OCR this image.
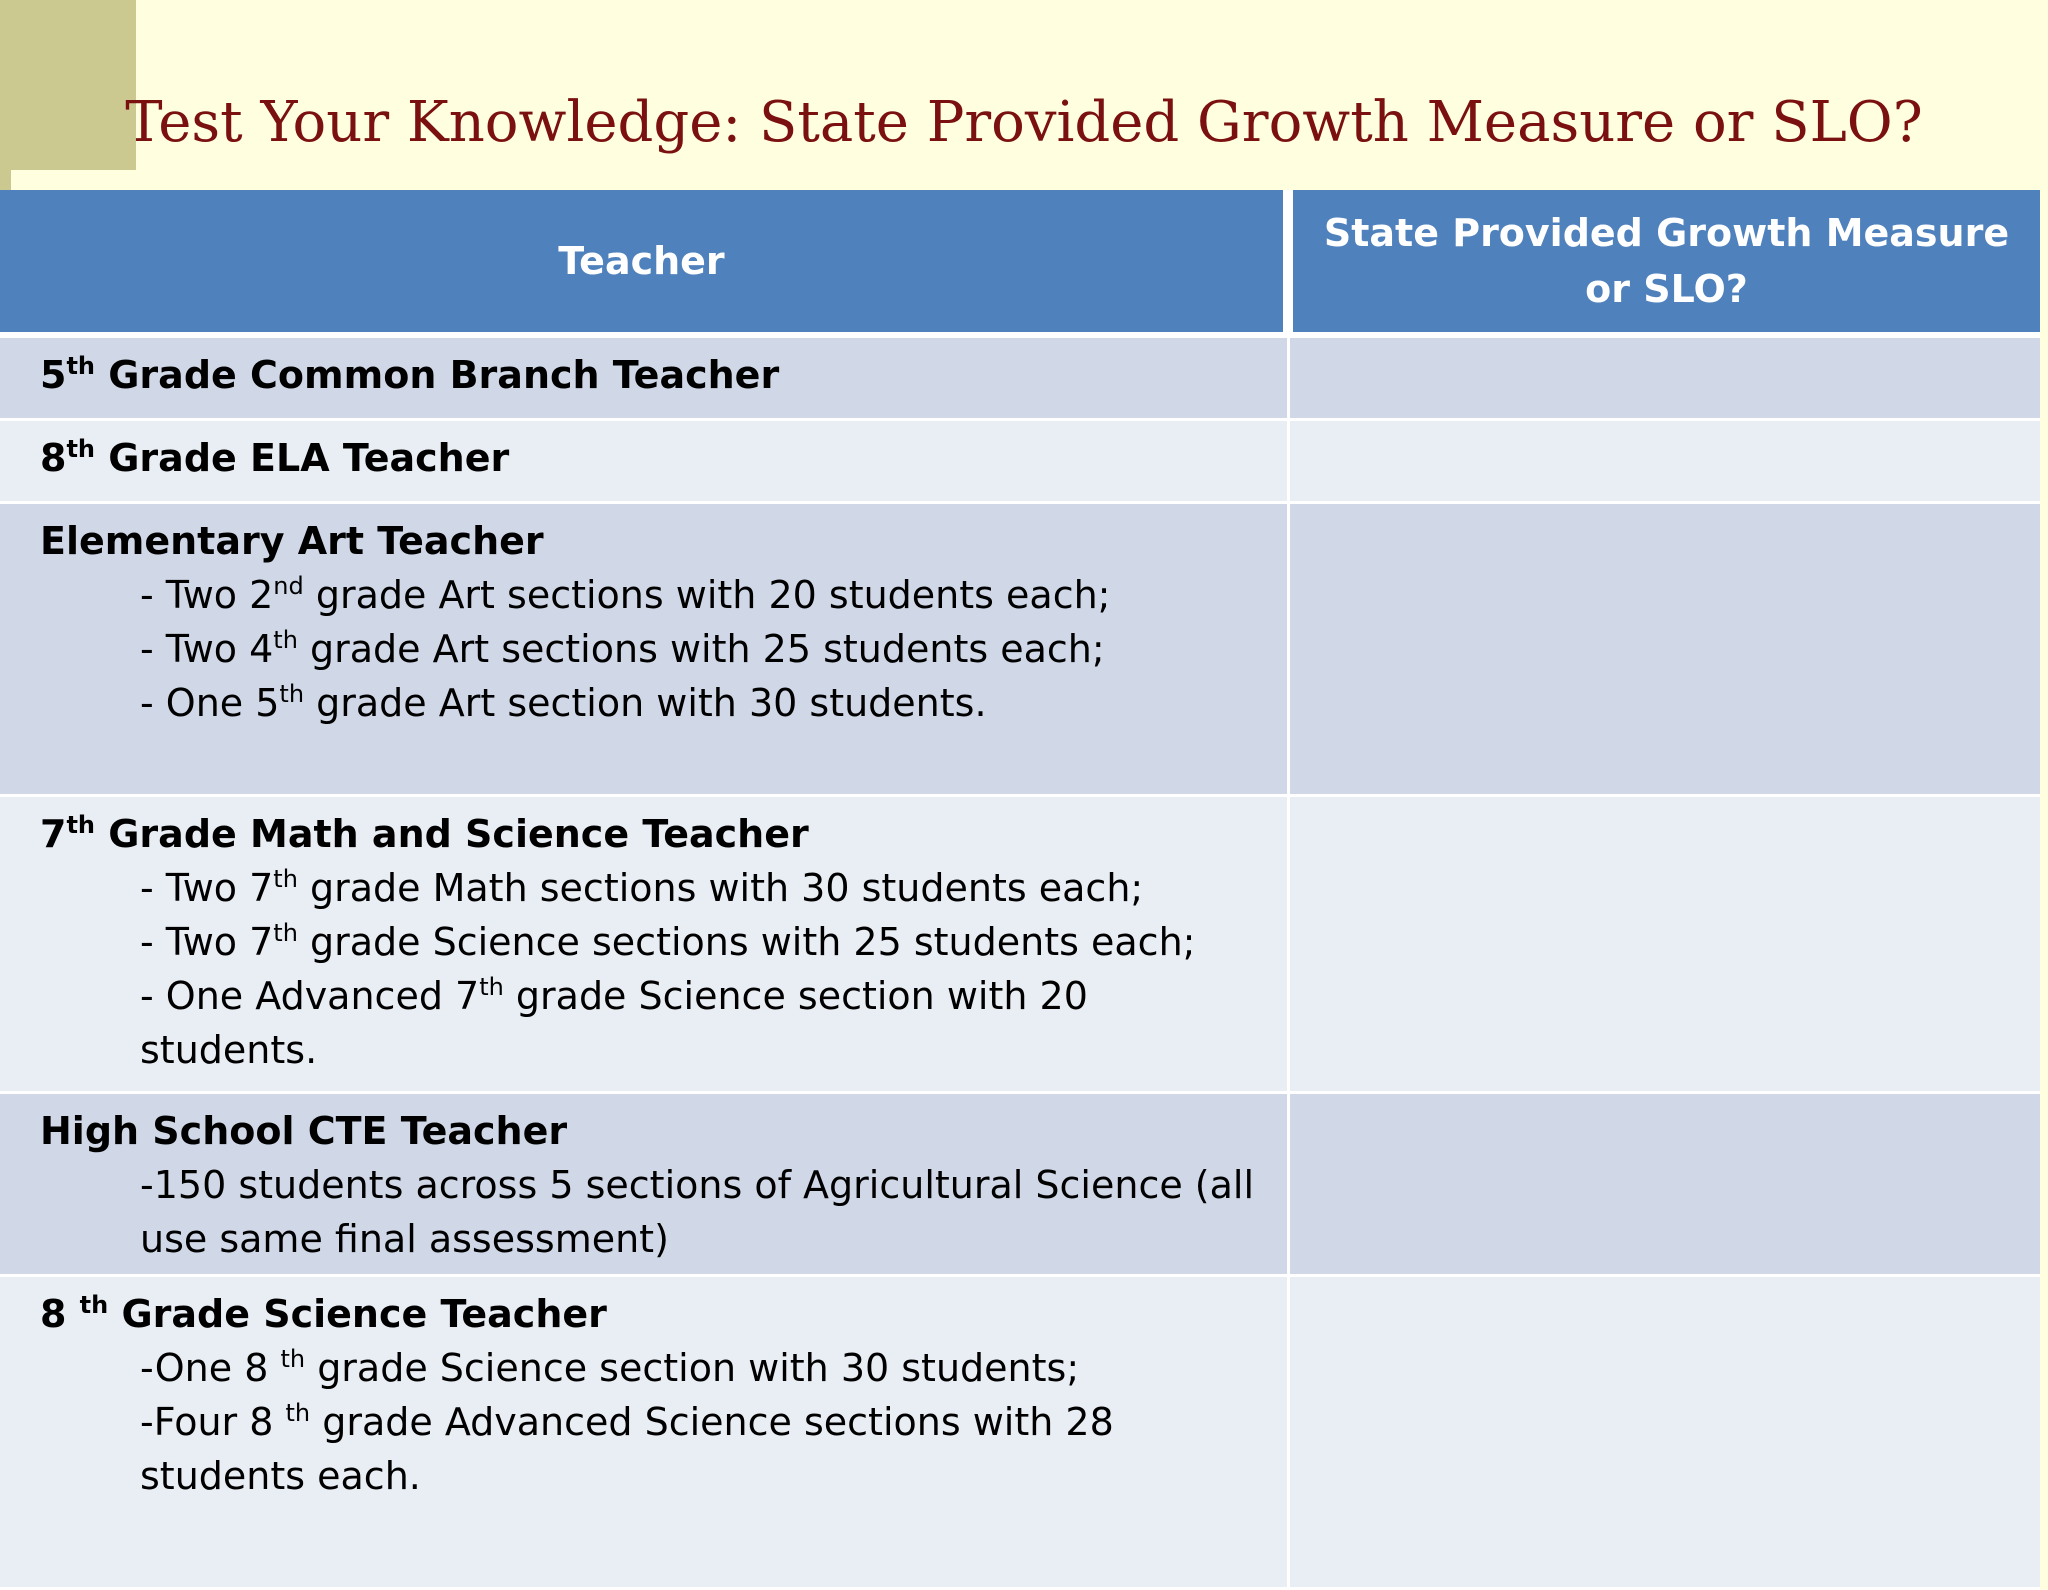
Test Your Knowledge: State Provided Growth Measure or SLO?
Teacher	State Provided Growth Measure or SLO?

5th Grade Common Branch Teacher	

8th Grade ELA Teacher	

Elementary Art Teacher
- Two 2nd grade Art sections with 20 students each;
- Two 4th grade Art sections with 25 students each;
- One 5th grade Art section with 30 students.	

7th Grade Math and Science Teacher
- Two 7th grade Math sections with 30 students each;
- Two 7th grade Science sections with 25 students each;
- One Advanced 7th grade Science section with 20 students.	

High School CTE Teacher
-150 students across 5 sections of Agricultural Science (all use same final assessment)	

8 $^{th}$ Grade Science Teacher
-One 8 $^{th}$ grade Science section with 30 students;
-Four 8 $^{th}$ grade Advanced Science sections with 28 students each.	
